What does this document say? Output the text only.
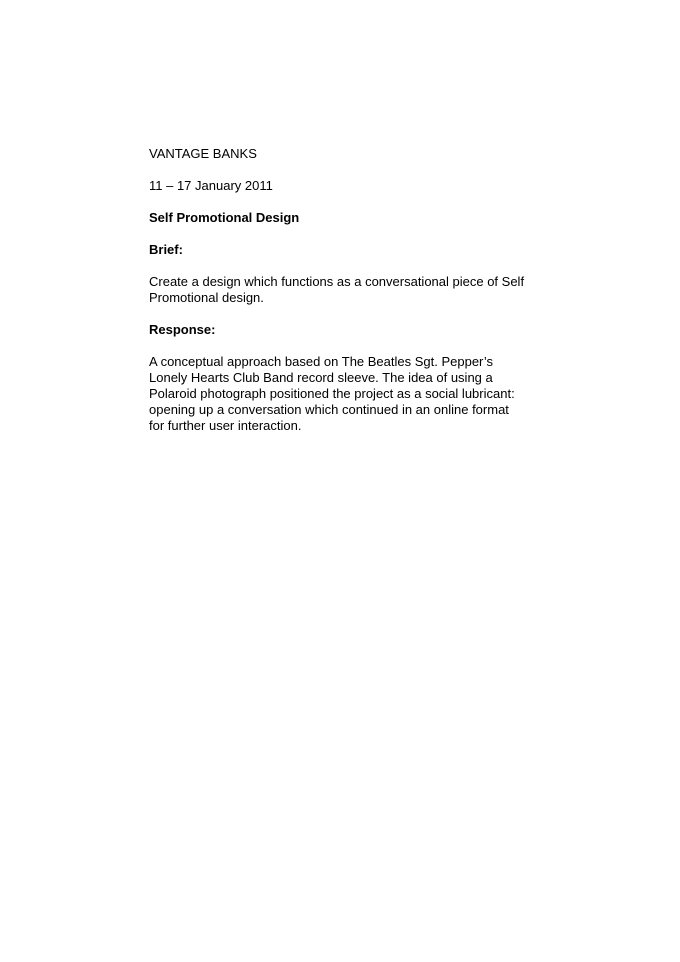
VANTAGE BANKS

11 – 17 January 2011

Self Promotional Design

Brief:

Create a design which functions as a conversational piece of Self
Promotional design.

Response:

A conceptual approach based on The Beatles Sgt. Pepper’s
Lonely Hearts Club Band record sleeve. The idea of using a
Polaroid photograph positioned the project as a social lubricant:
opening up a conversation which continued in an online format
for further user interaction.
